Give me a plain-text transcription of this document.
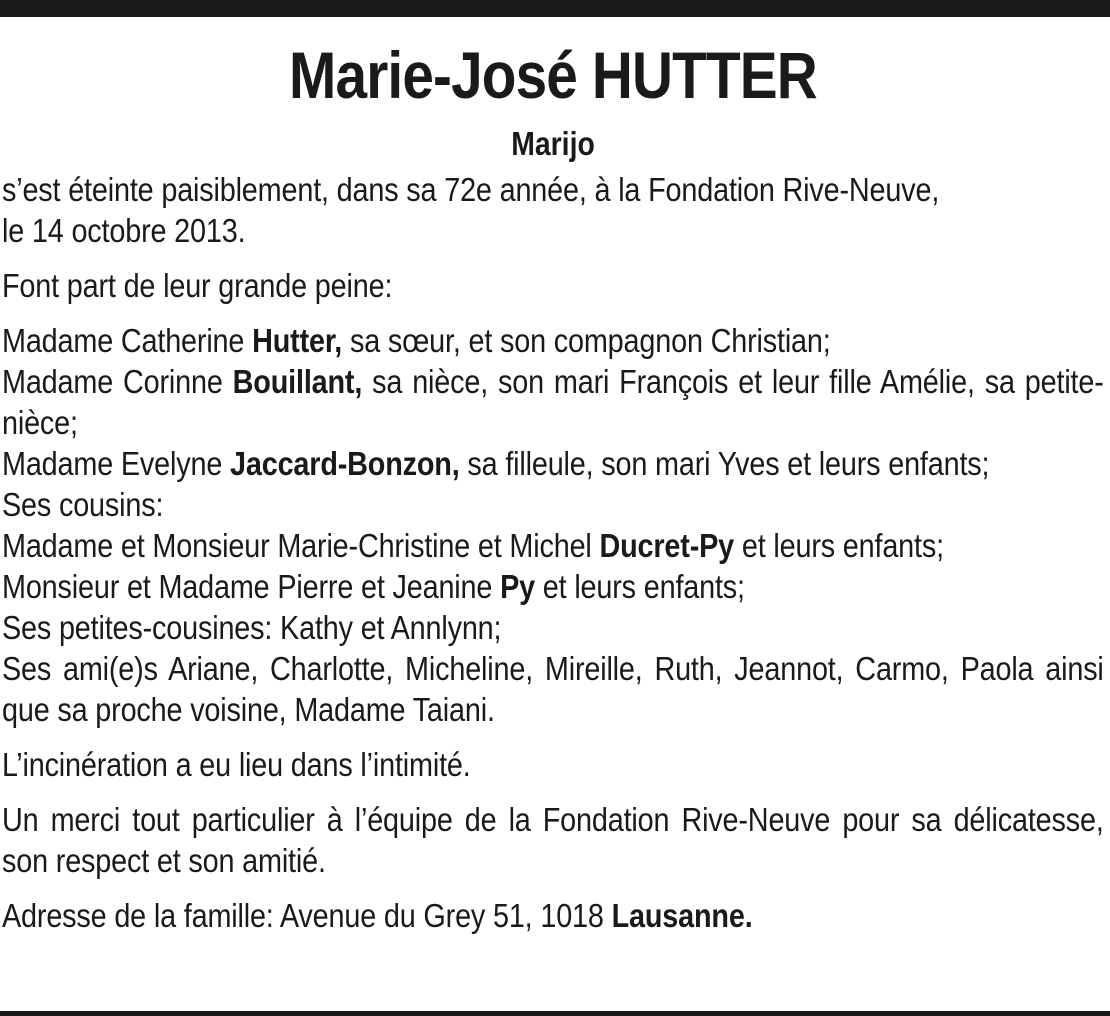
Marie-José HUTTER
Marijo

s’est éteinte paisiblement, dans sa 72e année, à la Fondation Rive-Neuve,
le 14 octobre 2013.

Font part de leur grande peine:

Madame Catherine Hutter, sa sœur, et son compagnon Christian;

Madame Corinne Bouillant, sa nièce, son mari François et leur fille Amélie, sa petite-nièce;

Madame Evelyne Jaccard-Bonzon, sa filleule, son mari Yves et leurs enfants;

Ses cousins:

Madame et Monsieur Marie-Christine et Michel Ducret-Py et leurs enfants;

Monsieur et Madame Pierre et Jeanine Py et leurs enfants;

Ses petites-cousines: Kathy et Annlynn;

Ses ami(e)s Ariane, Charlotte, Micheline, Mireille, Ruth, Jeannot, Carmo, Paola ainsi que sa proche voisine, Madame Taiani.

L’incinération a eu lieu dans l’intimité.

Un merci tout particulier à l’équipe de la Fondation Rive-Neuve pour sa délicatesse, son respect et son amitié.

Adresse de la famille: Avenue du Grey 51, 1018 Lausanne.
